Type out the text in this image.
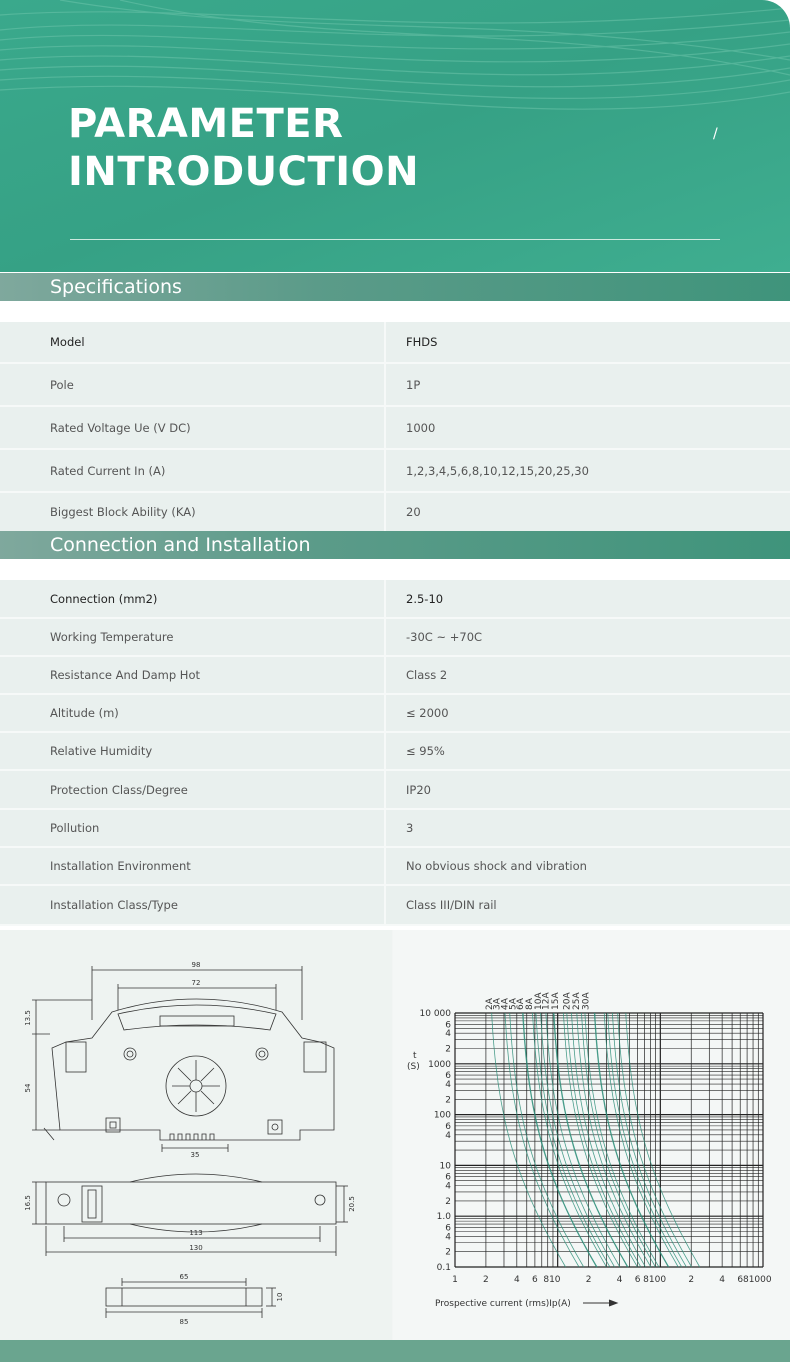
PARAMETER
INTRODUCTION
/
Specifications
Model	FHDS
Pole	1P
Rated Voltage Ue (V DC)	1000
Rated Current In (A)	1,2,3,4,5,6,8,10,12,15,20,25,30
Biggest Block Ability (KA)	20
Connection and Installation
Connection (mm2)	2.5-10
Working Temperature	-30C ~ +70C
Resistance And Damp Hot	Class 2
Altitude (m)	≤ 2000
Relative Humidity	≤ 95%
Protection Class/Degree	IP20
Pollution	3
Installation Environment	No obvious shock and vibration
Installation Class/Type	Class III/DIN rail
98
72
13.5
54
35
16.5	20.5
113
130
65
85
10
10 000
6
4
2
1000
6
4
2
100
6
4
10
6
4
2
1.0
6
4
2
0.1
1	2	4 6 810	2	4 6 8100 2	4 6 81000
2A
3A
4A
5A
6A 8A
10A
12A 15A 20A 25A 30A
t
(S)
Prospective current (rms)Ip(A)
